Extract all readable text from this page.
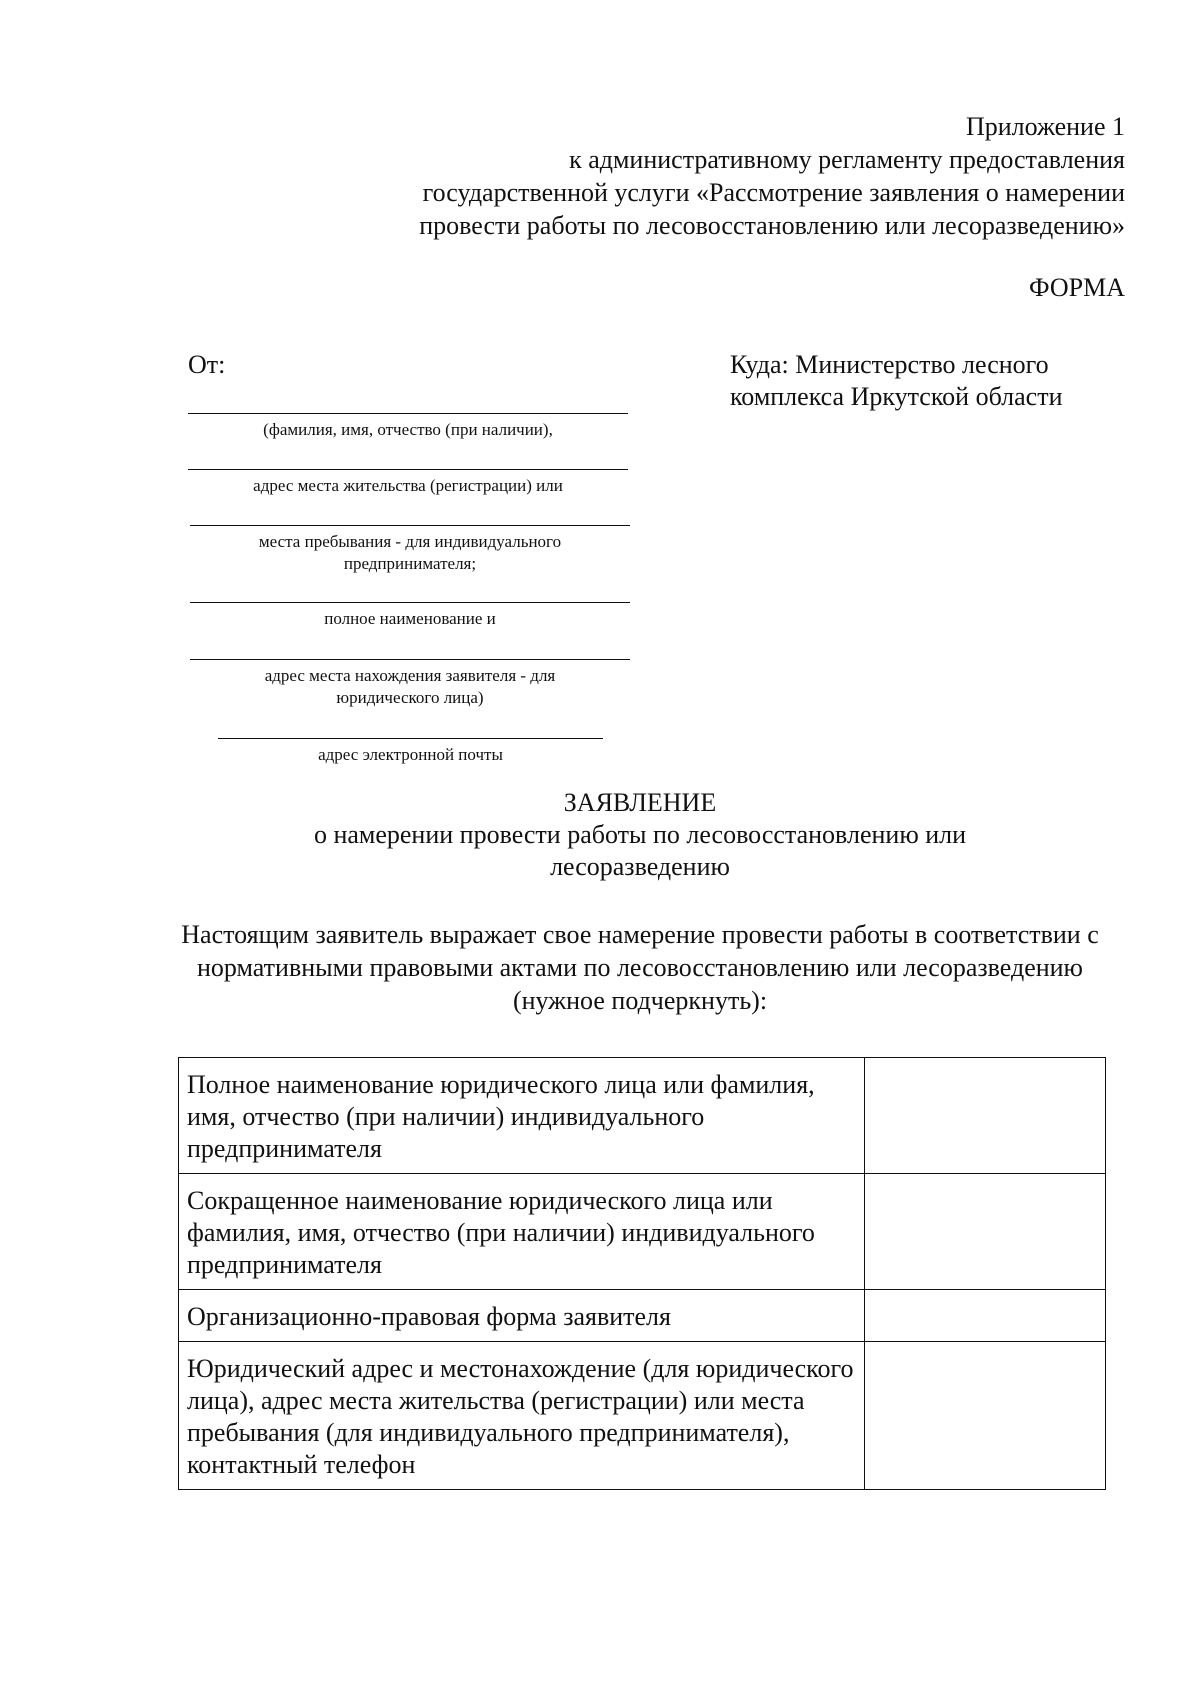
Приложение 1
к административному регламенту предоставления
государственной услуги «Рассмотрение заявления о намерении
провести работы по лесовосстановлению или лесоразведению»
ФОРМА
От:	Куда: Министерство лесного
комплекса Иркутской области
(фамилия, имя, отчество (при наличии),
адрес места жительства (регистрации) или
места пребывания - для индивидуального предпринимателя;
полное наименование и
адрес места нахождения заявителя - для юридического лица)
адрес электронной почты
ЗАЯВЛЕНИЕ
о намерении провести работы по лесовосстановлению или лесоразведению
Настоящим заявитель выражает свое намерение провести работы в соответствии с нормативными правовыми актами по лесовосстановлению или лесоразведению (нужное подчеркнуть):
Полное наименование юридического лица или фамилия, имя, отчество (при наличии) индивидуального предпринимателя	
Сокращенное наименование юридического лица или фамилия, имя, отчество (при наличии) индивидуального предпринимателя	
Организационно-правовая форма заявителя	
Юридический адрес и местонахождение (для юридического лица), адрес места жительства (регистрации) или места пребывания (для индивидуального предпринимателя), контактный телефон	
